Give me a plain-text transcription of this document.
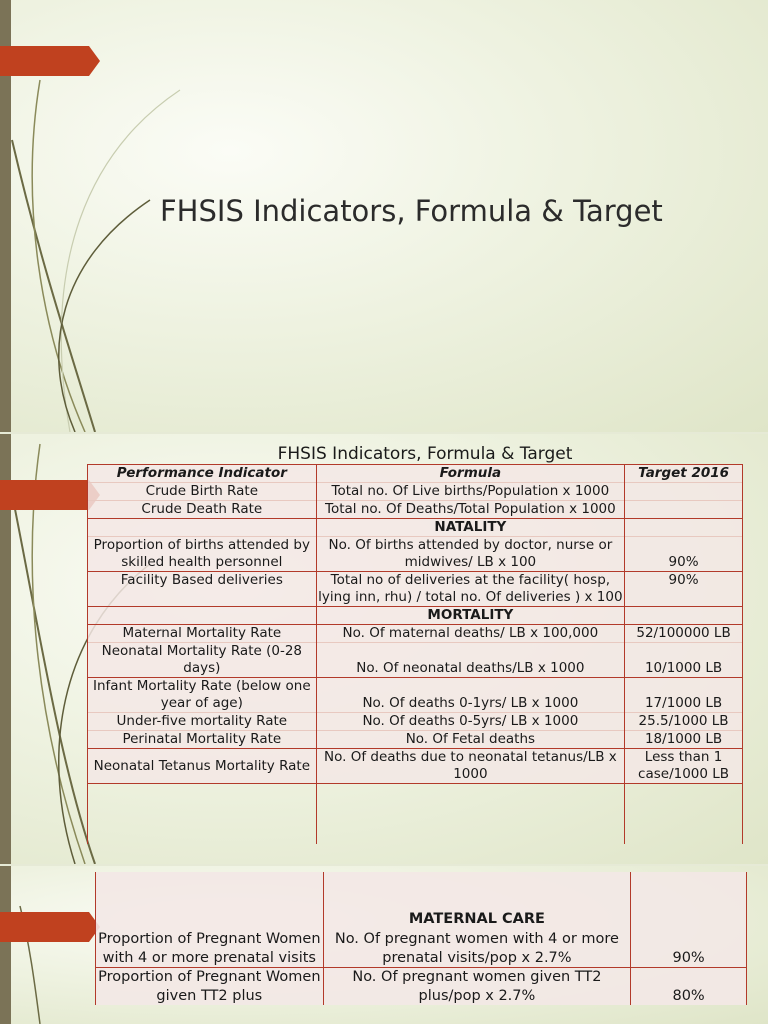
FHSIS Indicators, Formula & Target
FHSIS Indicators, Formula & Target
Performance Indicator	Formula	Target 2016
Crude Birth Rate	Total no. Of Live births/Population x 1000	
Crude Death Rate	Total no. Of Deaths/Total Population x 1000	
	NATALITY	
Proportion of births attended by skilled health personnel	No. Of births attended by doctor, nurse or midwives/ LB x 100	90%
Facility Based deliveries	Total no of deliveries at the facility( hosp, lying inn, rhu) / total no. Of deliveries ) x 100	90%
	MORTALITY	
Maternal Mortality Rate	No. Of maternal deaths/ LB x 100,000	52/100000 LB
Neonatal Mortality Rate (0-28 days)	No. Of neonatal deaths/LB x 1000	10/1000 LB
Infant Mortality Rate (below one year of age)	No. Of deaths 0-1yrs/ LB x 1000	17/1000 LB
Under-five mortality Rate	No. Of deaths 0-5yrs/ LB x 1000	25.5/1000 LB
Perinatal Mortality Rate	No. Of Fetal deaths	18/1000 LB
Neonatal Tetanus Mortality Rate	No. Of deaths due to neonatal tetanus/LB x 1000	Less than 1 case/1000 LB

	MATERNAL CARE	
Proportion of Pregnant Women with 4 or more prenatal visits	No. Of pregnant women with 4 or more prenatal visits/pop x 2.7%	90%
Proportion of Pregnant Women given TT2 plus	No. Of pregnant women given TT2 plus/pop x 2.7%	80%
